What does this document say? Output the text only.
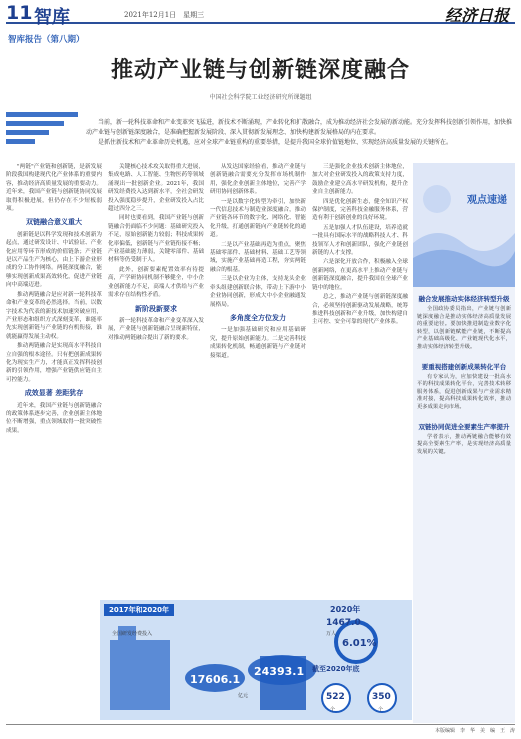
11 智库	2021年12月1日　星期三	经济日报
智库报告（第八期）
推动产业链与创新链深度融合
中国社会科学院工业经济研究所课题组

当前，新一轮科技革命和产业变革突飞猛进，新技术不断涌现，产业转化和扩散融合，成为推动经济社会发展的新动能。充分发挥科技创新引领作用，加快推动产业链与创新链深度融合，是准确把握新发展阶段、深入贯彻新发展理念、加快构建新发展格局的内在要求。

是抓住新技术和产业革命历史机遇，应对全球产业链重构的重要举措，是提升我国全球价值链地位、实现经济高质量发展的关键所在。

"两链"产业链和创新链，是新发展阶段我国构建现代化产业体系的重要内容，推动经济高质量发展的重要动力。近年来，我国产业链与创新链协同发展取得积极进展，但仍存在不少短板弱项。

双链融合意义重大

创新链是以科学发现和技术创新为起点，通过研发设计、中试验证、产业化应用等环节形成的价值链条；产业链是以产品生产为核心，由上下游企业形成的分工协作网络。两链深度融合，能够实现创新成果高效转化，促进产业链向中高端迈进。

推动两链融合是应对新一轮科技革命和产业变革的必然选择。当前，以数字技术为代表的新技术加速突破应用，产业形态和组织方式深刻变革，谁能率先实现创新链与产业链的有机衔接，谁就能赢得发展主动权。

推动两链融合是实现高水平科技自立自强的根本途径。只有把创新成果转化为现实生产力，才能真正发挥科技创新的引领作用，增强产业链供应链自主可控能力。

成效显著 差距犹存

近年来，我国产业链与创新链融合的政策体系逐步完善，企业创新主体地位不断增强，重点领域取得一批突破性成果。

关键核心技术攻关取得重大进展，集成电路、人工智能、生物医药等领域涌现出一批创新企业。2021年，我国研发经费投入达到新水平，全社会研发投入强度稳步提升，企业研发投入占比超过四分之三。

同时也要看到，我国产业链与创新链融合仍面临不少问题：基础研究投入不足，原始创新能力较弱；科技成果转化率偏低，创新链与产业链衔接不畅；产业基础能力薄弱，关键零部件、基础材料等仍受制于人。

此外，创新要素配置效率有待提高，产学研协同机制不够健全，中小企业创新能力不足，高端人才供给与产业需求存在结构性矛盾。

新阶段新要求

新一轮科技革命和产业变革深入发展，产业链与创新链融合呈现新特征，对推动两链融合提出了新的要求。

从发达国家经验看，推动产业链与创新链融合需要充分发挥市场机制作用，强化企业创新主体地位，完善产学研用协同创新体系。

一是以数字化转型为牵引，加快新一代信息技术与制造业深度融合，推动产业链各环节的数字化、网络化、智能化升级，打通创新链向产业链转化的通道。

二是以产业基础再造为重点，聚焦基础零部件、基础材料、基础工艺等领域，实施产业基础再造工程，夯实两链融合的根基。

三是以企业为主体，支持龙头企业牵头组建创新联合体，带动上下游中小企业协同创新，形成大中小企业融通发展格局。

多角度全方位发力

一是加强基础研究和应用基础研究，提升原始创新能力。二是完善科技成果转化机制，畅通创新链与产业链对接渠道。

三是强化企业技术创新主体地位，加大对企业研发投入的政策支持力度，鼓励企业建立高水平研发机构，提升企业自主创新能力。

四是优化创新生态，健全知识产权保护制度，完善科技金融服务体系，营造有利于创新创业的良好环境。

五是加强人才队伍建设，培养造就一批具有国际水平的战略科技人才、科技领军人才和创新团队，强化产业链创新链的人才支撑。

六是深化开放合作，积极融入全球创新网络，在更高水平上推动产业链与创新链深度融合，提升我国在全球产业链中的地位。

总之，推动产业链与创新链深度融合，必须坚持创新驱动发展战略，统筹推进科技创新和产业升级，加快构建自主可控、安全可靠的现代产业体系。

观点速递
融合发展推动实体经济转型升级

全国政协委员指出，产业链与创新链深度融合是推动实体经济高质量发展的重要途径。要加快推进制造业数字化转型，以创新链赋能产业链，不断提高产业基础高级化、产业链现代化水平，推动实体经济转型升级。

要重视搭建创新成果转化平台

有专家认为，应加快建设一批高水平的科技成果转化平台，完善技术转移服务体系，促进创新成果与产业需求精准对接，提高科技成果转化效率，推动更多成果走向市场。

双链协同促进全要素生产率提升

学者表示，推动两链融合能够有效提高全要素生产率，是实现经济高质量发展的关键。

2017年和2020年
全国研发经费投入
17606.1
24393.1
亿元
2020年
1467.0
万人
6.01%
截至2020年底
522
个
350
个
本版编辑　李　华　美　编　王　涛
